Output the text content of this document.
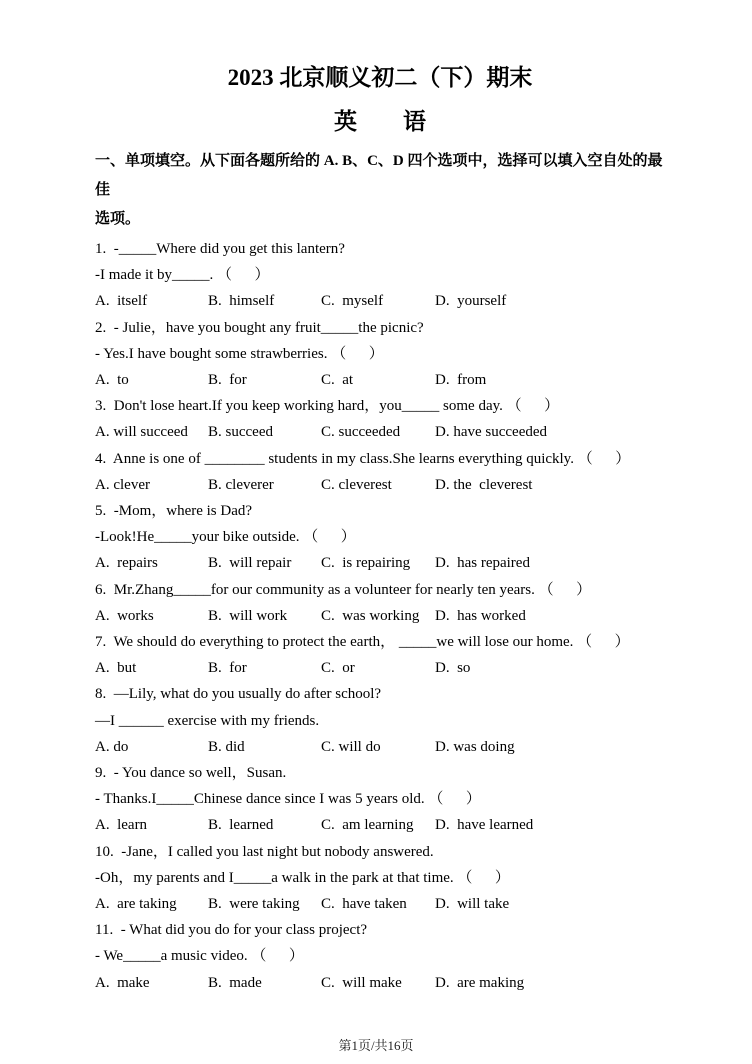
2023 北京顺义初二（下）期末
英　　语
一、单项填空。从下面各题所给的 A. B、C、D 四个选项中，选择可以填入空自处的最佳
选项。
1.  -_____Where did you get this lantern?
-I made it by_____. （      ）
A.  itself	B.  himself	C.  myself	D.  yourself
2.  - Julie，have you bought any fruit_____the picnic?
- Yes.I have bought some strawberries. （      ）
A.  to	B.  for	C.  at	D.  from
3.  Don't lose heart.If you keep working hard，you_____ some day. （      ）
A. will succeed	B. succeed	C. succeeded	D. have succeeded
4.  Anne is one of ________ students in my class.She learns everything quickly. （      ）
A. clever	B. cleverer	C. cleverest	D. the  cleverest
5.  -Mom，where is Dad?
-Look!He_____your bike outside. （      ）
A.  repairs	B.  will repair	C.  is repairing	D.  has repaired
6.  Mr.Zhang_____for our community as a volunteer for nearly ten years. （      ）
A.  works	B.  will work	C.  was working	D.  has worked
7.  We should do everything to protect the earth， _____we will lose our home. （      ）
A.  but	B.  for	C.  or	D.  so
8.  —Lily, what do you usually do after school?
—I ______ exercise with my friends.
A. do	B. did	C. will do	D. was doing
9.  - You dance so well，Susan.
- Thanks.I_____Chinese dance since I was 5 years old. （      ）
A.  learn	B.  learned	C.  am learning	D.  have learned
10.  -Jane，I called you last night but nobody answered.
-Oh，my parents and I_____a walk in the park at that time. （      ）
A.  are taking	B.  were taking	C.  have taken	D.  will take
11.  - What did you do for your class project?
- We_____a music video. （      ）
A.  make	B.  made	C.  will make	D.  are making
第1页/共16页
